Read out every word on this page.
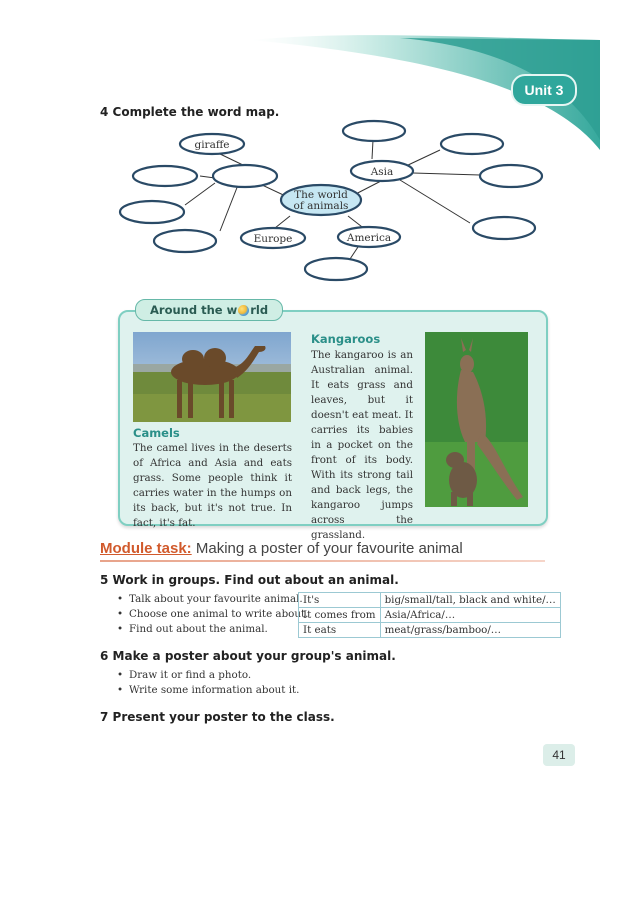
Unit 3
4 Complete the word map.
giraffe
Asia
Europe	America
The world
of animals
Around the w rld
Camels
The camel lives in the deserts of Africa and Asia and eats grass. Some people think it carries water in the humps on its back, but it's not true. In fact, it's fat.
Kangaroos
The kangaroo is an Australian animal. It eats grass and leaves, but it doesn't eat meat. It carries its babies in a pocket on the front of its body. With its strong tail and back legs, the kangaroo jumps across the grassland.
Module task: Making a poster of your favourite animal
5 Work in groups. Find out about an animal.
• Talk about your favourite animal.
• Choose one animal to write about.
• Find out about the animal.
It's	big/small/tall, black and white/…
It comes from	Asia/Africa/…
It eats	meat/grass/bamboo/…
6 Make a poster about your group's animal.
• Draw it or find a photo.
• Write some information about it.
7 Present your poster to the class.
41
